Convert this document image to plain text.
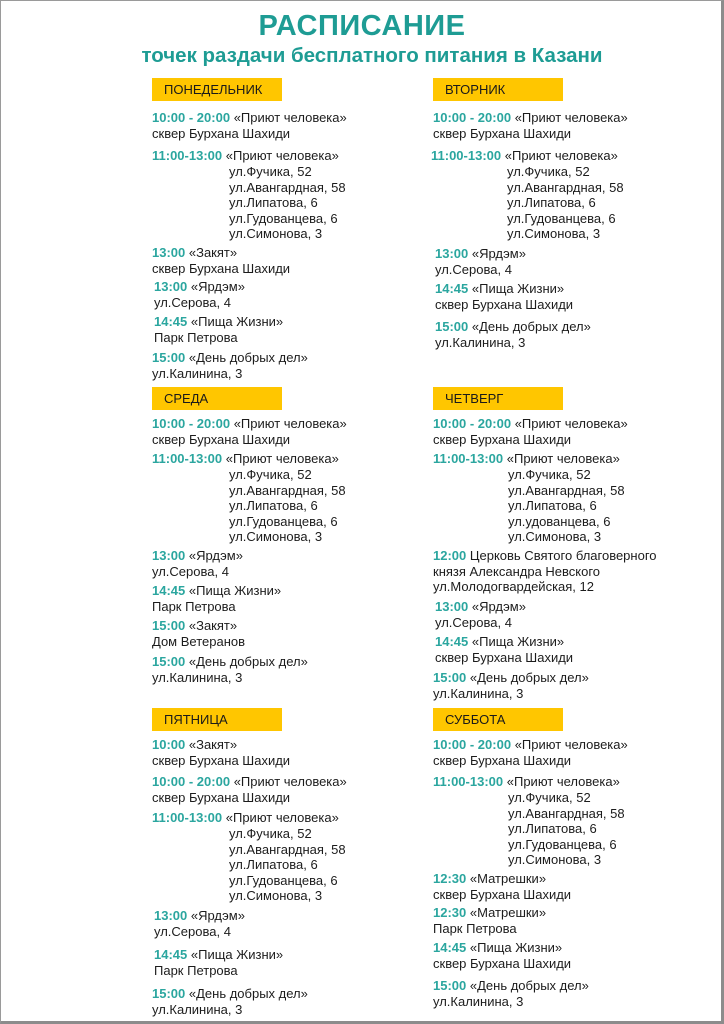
РАСПИСАНИЕ
точек раздачи бесплатного питания в Казани
ПОНЕДЕЛЬНИК
10:00 - 20:00 «Приют человека»
сквер Бурхана Шахиди
11:00-13:00 «Приют человека»
ул.Фучика, 52
ул.Авангардная, 58
ул.Липатова, 6
ул.Гудованцева, 6
ул.Симонова, 3
13:00 «Закят»
сквер Бурхана Шахиди
13:00 «Ярдэм»
ул.Серова, 4
14:45 «Пища Жизни»
Парк Петрова
15:00 «День добрых дел»
ул.Калинина, 3
ВТОРНИК
10:00 - 20:00 «Приют человека»
сквер Бурхана Шахиди
11:00-13:00 «Приют человека»
ул.Фучика, 52
ул.Авангардная, 58
ул.Липатова, 6
ул.Гудованцева, 6
ул.Симонова, 3
13:00 «Ярдэм»
ул.Серова, 4
14:45 «Пища Жизни»
сквер Бурхана Шахиди
15:00 «День добрых дел»
ул.Калинина, 3
СРЕДА
10:00 - 20:00 «Приют человека»
сквер Бурхана Шахиди
11:00-13:00 «Приют человека»
ул.Фучика, 52
ул.Авангардная, 58
ул.Липатова, 6
ул.Гудованцева, 6
ул.Симонова, 3
13:00 «Ярдэм»
ул.Серова, 4
14:45 «Пища Жизни»
Парк Петрова
15:00 «Закят»
Дом Ветеранов
15:00 «День добрых дел»
ул.Калинина, 3
ЧЕТВЕРГ
10:00 - 20:00 «Приют человека»
сквер Бурхана Шахиди
11:00-13:00 «Приют человека»
ул.Фучика, 52
ул.Авангардная, 58
ул.Липатова, 6
ул.удованцева, 6
ул.Симонова, 3
12:00 Церковь Святого благоверного
князя Александра Невского
ул.Молодогвардейская, 12
13:00 «Ярдэм»
ул.Серова, 4
14:45 «Пища Жизни»
сквер Бурхана Шахиди
15:00 «День добрых дел»
ул.Калинина, 3
ПЯТНИЦА
10:00 «Закят»
сквер Бурхана Шахиди
10:00 - 20:00 «Приют человека»
сквер Бурхана Шахиди
11:00-13:00 «Приют человека»
ул.Фучика, 52
ул.Авангардная, 58
ул.Липатова, 6
ул.Гудованцева, 6
ул.Симонова, 3
13:00 «Ярдэм»
ул.Серова, 4
14:45 «Пища Жизни»
Парк Петрова
15:00 «День добрых дел»
ул.Калинина, 3
СУББОТА
10:00 - 20:00 «Приют человека»
сквер Бурхана Шахиди
11:00-13:00 «Приют человека»
ул.Фучика, 52
ул.Авангардная, 58
ул.Липатова, 6
ул.Гудованцева, 6
ул.Симонова, 3
12:30 «Матрешки»
сквер Бурхана Шахиди
12:30 «Матрешки»
Парк Петрова
14:45 «Пища Жизни»
сквер Бурхана Шахиди
15:00 «День добрых дел»
ул.Калинина, 3
